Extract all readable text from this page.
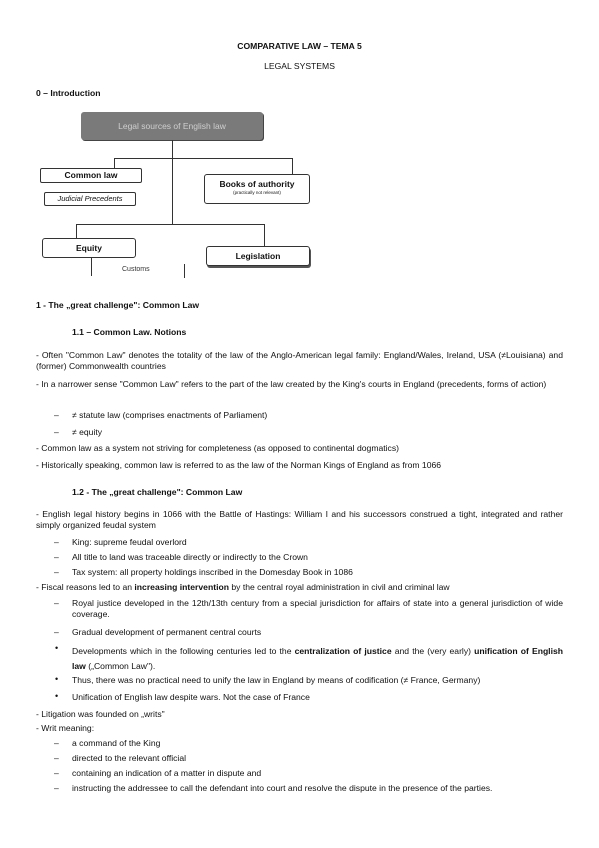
COMPARATIVE LAW – TEMA 5
LEGAL SYSTEMS
0 – Introduction
Legal sources of English law
Common law
Judicial Precedents
Books of authority
(practically not relevant)
Equity
Customs
Legislation
1 - The „great challenge": Common Law
1.1 – Common Law. Notions
- Often "Common Law" denotes the totality of the law of the Anglo-American legal family: England/Wales, Ireland, USA (≠Louisiana) and (former) Commonwealth countries
- In a narrower sense "Common Law" refers to the part of the law created by the King's courts in England (precedents, forms of action)
– ≠ statute law (comprises enactments of Parliament)
– ≠ equity
- Common law as a system not striving for completeness (as opposed to continental dogmatics)
- Historically speaking, common law is referred to as the law of the Norman Kings of England as from 1066
1.2 - The „great challenge": Common Law
- English legal history begins in 1066 with the Battle of Hastings: William I and his successors construed a tight, integrated and rather simply organized feudal system
– King: supreme feudal overlord
– All title to land was traceable directly or indirectly to the Crown
– Tax system: all property holdings inscribed in the Domesday Book in 1086
- Fiscal reasons led to an increasing intervention by the central royal administration in civil and criminal law
– Royal justice developed in the 12th/13th century from a special jurisdiction for affairs of state into a general jurisdiction of wide coverage.
– Gradual development of permanent central courts
• Developments which in the following centuries led to the centralization of justice and the (very early) unification of English law („Common Law").
• Thus, there was no practical need to unify the law in England by means of codification (≠ France, Germany)
• Unification of English law despite wars. Not the case of France
- Litigation was founded on „writs"
- Writ meaning:
– a command of the King
– directed to the relevant official
– containing an indication of a matter in dispute and
– instructing the addressee to call the defendant into court and resolve the dispute in the presence of the parties.
